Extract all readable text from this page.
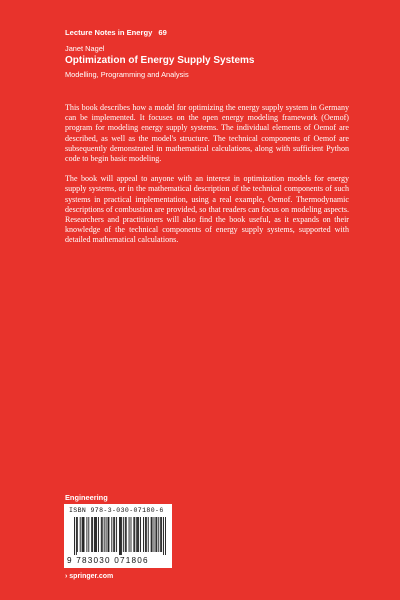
Lecture Notes in Energy 69
Janet Nagel
Optimization of Energy Supply Systems
Modelling, Programming and Analysis

This book describes how a model for optimizing the energy supply system in Germany can be implemented. It focuses on the open energy modeling framework (Oemof) program for modeling energy supply systems. The individual elements of Oemof are described, as well as the model's structure. The technical components of Oemof are subsequently demonstrated in mathematical calculations, along with sufficient Python code to begin basic modeling.

The book will appeal to anyone with an interest in optimization models for energy supply systems, or in the mathematical description of the technical components of such systems in practical implementation, using a real example, Oemof. Thermodynamic descriptions of combustion are provided, so that readers can focus on modeling aspects. Researchers and practitioners will also find the book useful, as it expands on their knowledge of the technical components of energy supply systems, supported with detailed mathematical calculations.

Engineering
ISBN 978-3-030-07180-6
9 783030 071806
› springer.com
